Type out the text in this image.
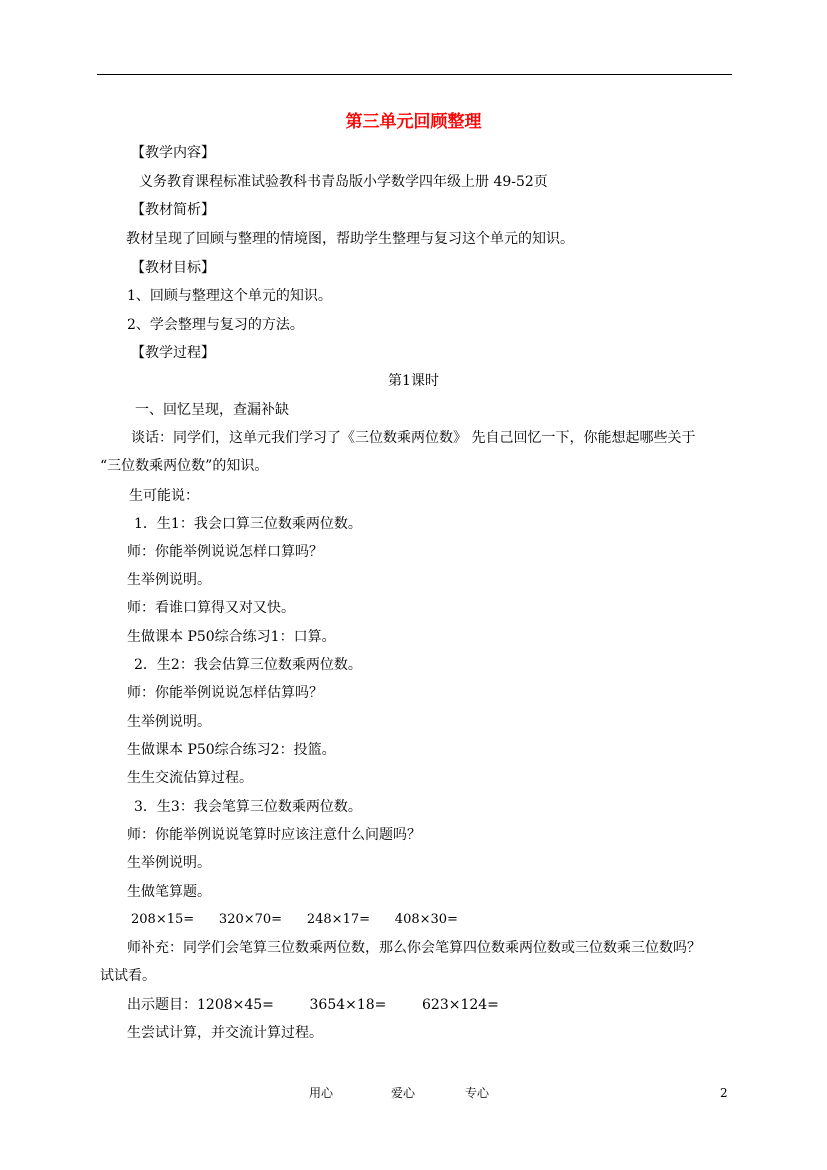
第三单元回顾整理
【教学内容】
义务教育课程标准试验教科书青岛版小学数学四年级上册 49-52页
【教材简析】
教材呈现了回顾与整理的情境图，帮助学生整理与复习这个单元的知识。
【教材目标】
1、回顾与整理这个单元的知识。
2、学会整理与复习的方法。
【教学过程】
第1课时
一、回忆呈现，查漏补缺
谈话：同学们，这单元我们学习了《三位数乘两位数》 先自己回忆一下，你能想起哪些关于
“三位数乘两位数”的知识。
生可能说：
1．生1：我会口算三位数乘两位数。
师：你能举例说说怎样口算吗？
生举例说明。
师：看谁口算得又对又快。
生做课本 P50综合练习1：口算。
2．生2：我会估算三位数乘两位数。
师：你能举例说说怎样估算吗？
生举例说明。
生做课本 P50综合练习2：投篮。
生生交流估算过程。
3．生3：我会笔算三位数乘两位数。
师：你能举例说说笔算时应该注意什么问题吗？
生举例说明。
生做笔算题。
208×15=      320×70=      248×17=      408×30=
师补充：同学们会笔算三位数乘两位数，那么你会笔算四位数乘两位数或三位数乘三位数吗？
试试看。
出示题目：1208×45=        3654×18=        623×124=
生尝试计算，并交流计算过程。
用心	爱心	专心	2
